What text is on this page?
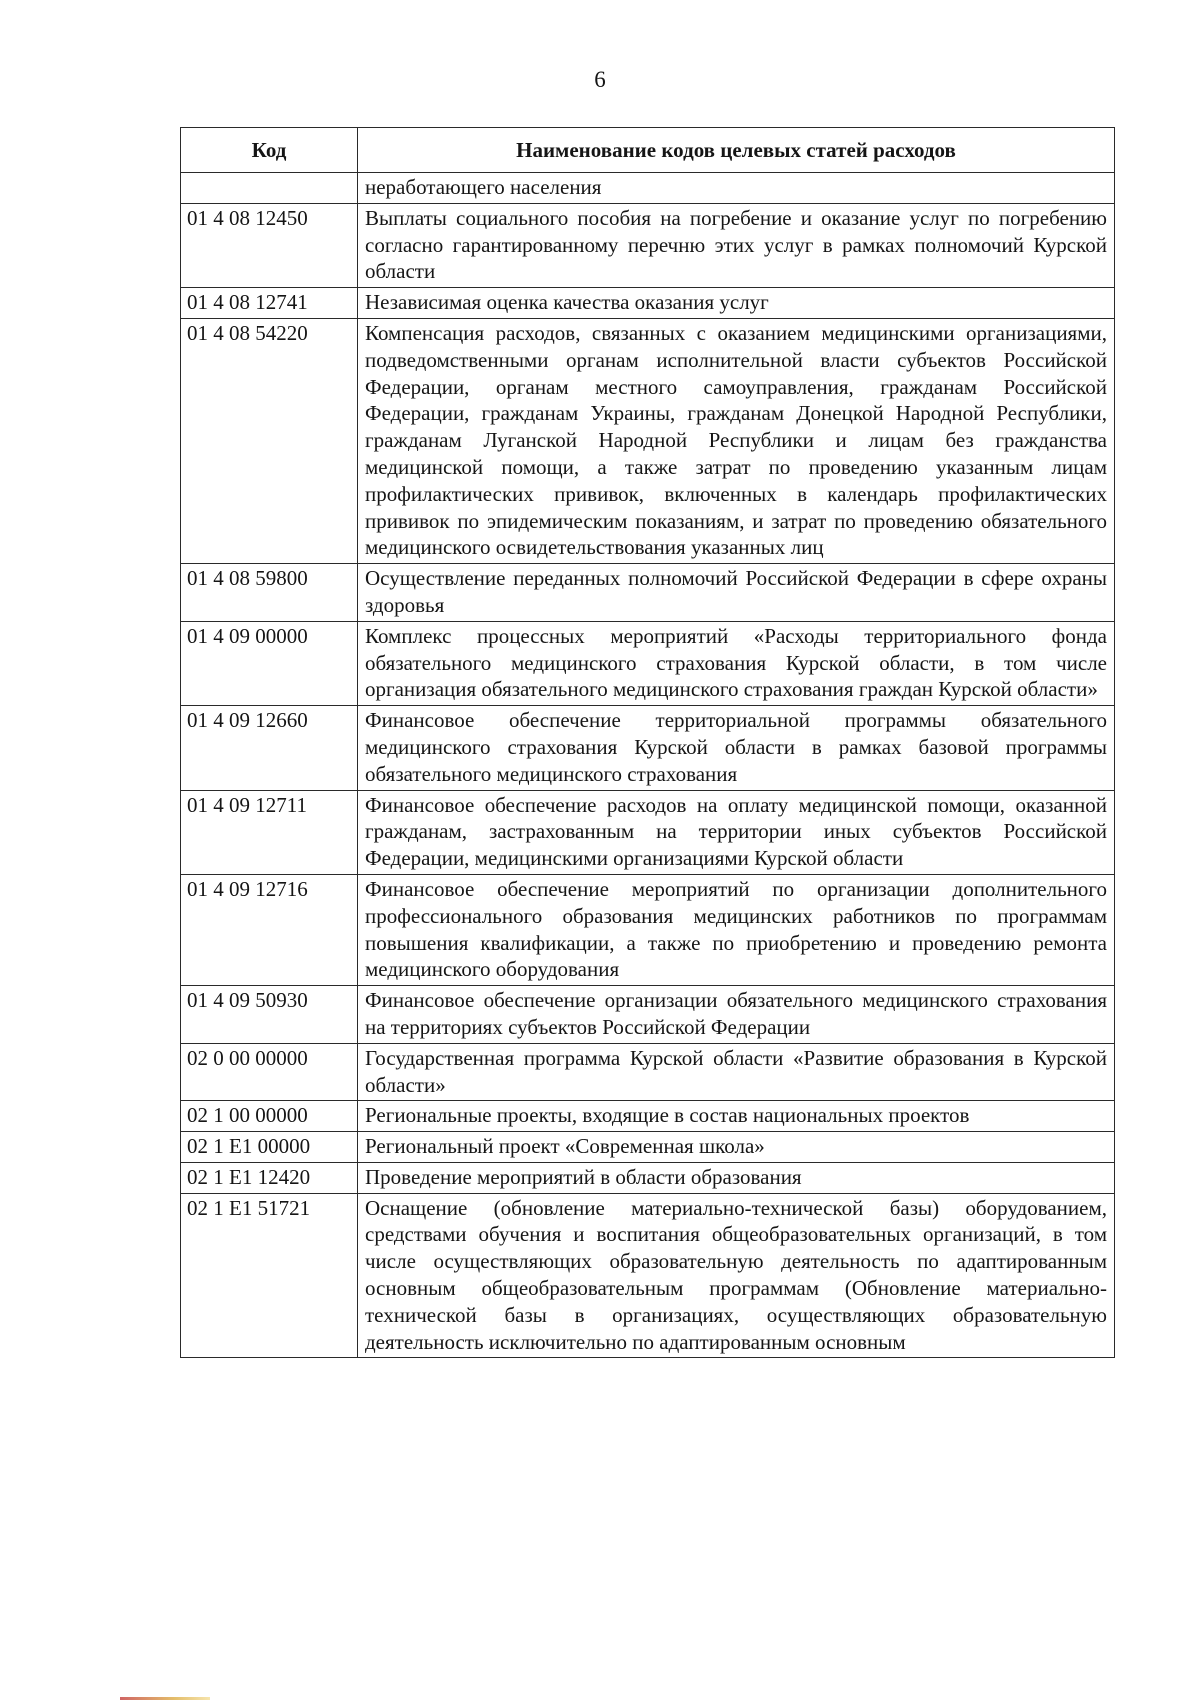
6
Код	Наименование кодов целевых статей расходов
	неработающего населения
01 4 08 12450	Выплаты социального пособия на погребение и оказание услуг по погребению согласно гарантированному перечню этих услуг в рамках полномочий Курской области
01 4 08 12741	Независимая оценка качества оказания услуг
01 4 08 54220	Компенсация расходов, связанных с оказанием медицинскими организациями, подведомственными органам исполнительной власти субъектов Российской Федерации, органам местного самоуправления, гражданам Российской Федерации, гражданам Украины, гражданам Донецкой Народной Республики, гражданам Луганской Народной Республики и лицам без гражданства медицинской помощи, а также затрат по проведению указанным лицам профилактических прививок, включенных в календарь профилактических прививок по эпидемическим показаниям, и затрат по проведению обязательного медицинского освидетельствования указанных лиц
01 4 08 59800	Осуществление переданных полномочий Российской Федерации в сфере охраны здоровья
01 4 09 00000	Комплекс процессных мероприятий «Расходы территориального фонда обязательного медицинского страхования Курской области, в том числе организация обязательного медицинского страхования граждан Курской области»
01 4 09 12660	Финансовое обеспечение территориальной программы обязательного медицинского страхования Курской области в рамках базовой программы обязательного медицинского страхования
01 4 09 12711	Финансовое обеспечение расходов на оплату медицинской помощи, оказанной гражданам, застрахованным на территории иных субъектов Российской Федерации, медицинскими организациями Курской области
01 4 09 12716	Финансовое обеспечение мероприятий по организации дополнительного профессионального образования медицинских работников по программам повышения квалификации, а также по приобретению и проведению ремонта медицинского оборудования
01 4 09 50930	Финансовое обеспечение организации обязательного медицинского страхования на территориях субъектов Российской Федерации
02 0 00 00000	Государственная программа Курской области «Развитие образования в Курской области»
02 1 00 00000	Региональные проекты, входящие в состав национальных проектов
02 1 E1 00000	Региональный проект «Современная школа»
02 1 E1 12420	Проведение мероприятий в области образования
02 1 E1 51721	Оснащение (обновление материально-технической базы) оборудованием, средствами обучения и воспитания общеобразовательных организаций, в том числе осуществляющих образовательную деятельность по адаптированным основным общеобразовательным программам (Обновление материально-технической базы в организациях, осуществляющих образовательную деятельность исключительно по адаптированным основным
